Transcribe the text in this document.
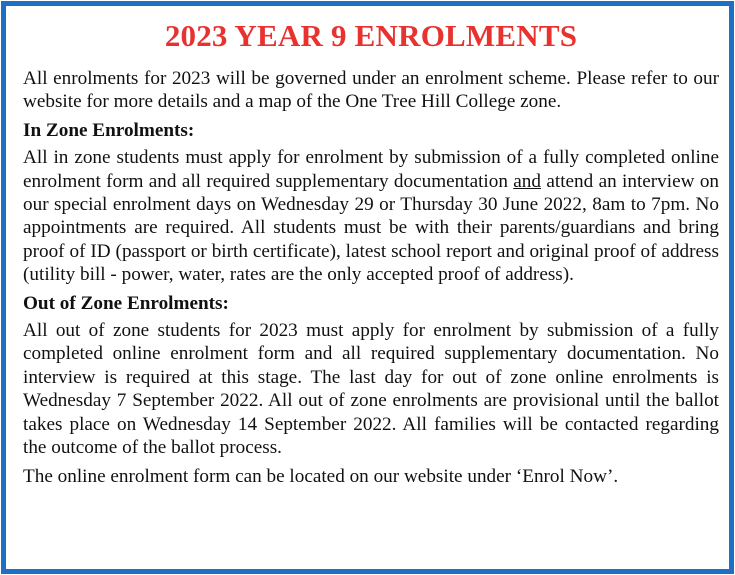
2023 YEAR 9 ENROLMENTS

All enrolments for 2023 will be governed under an enrolment scheme. Please refer to our website for more details and a map of the One Tree Hill College zone.

In Zone Enrolments:

All in zone students must apply for enrolment by submission of a fully completed online enrolment form and all required supplementary documentation and attend an interview on our special enrolment days on Wednesday 29 or Thursday 30 June 2022, 8am to 7pm. No appointments are required. All students must be with their parents/guardians and bring proof of ID (passport or birth certificate), latest school report and original proof of address (utility bill - power, water, rates are the only accepted proof of address).

Out of Zone Enrolments:

All out of zone students for 2023 must apply for enrolment by submission of a fully completed online enrolment form and all required supplementary documentation. No interview is required at this stage. The last day for out of zone online enrolments is Wednesday 7 September 2022. All out of zone enrolments are provisional until the ballot takes place on Wednesday 14 September 2022. All families will be contacted regarding the outcome of the ballot process.

The online enrolment form can be located on our website under ‘Enrol Now’.
